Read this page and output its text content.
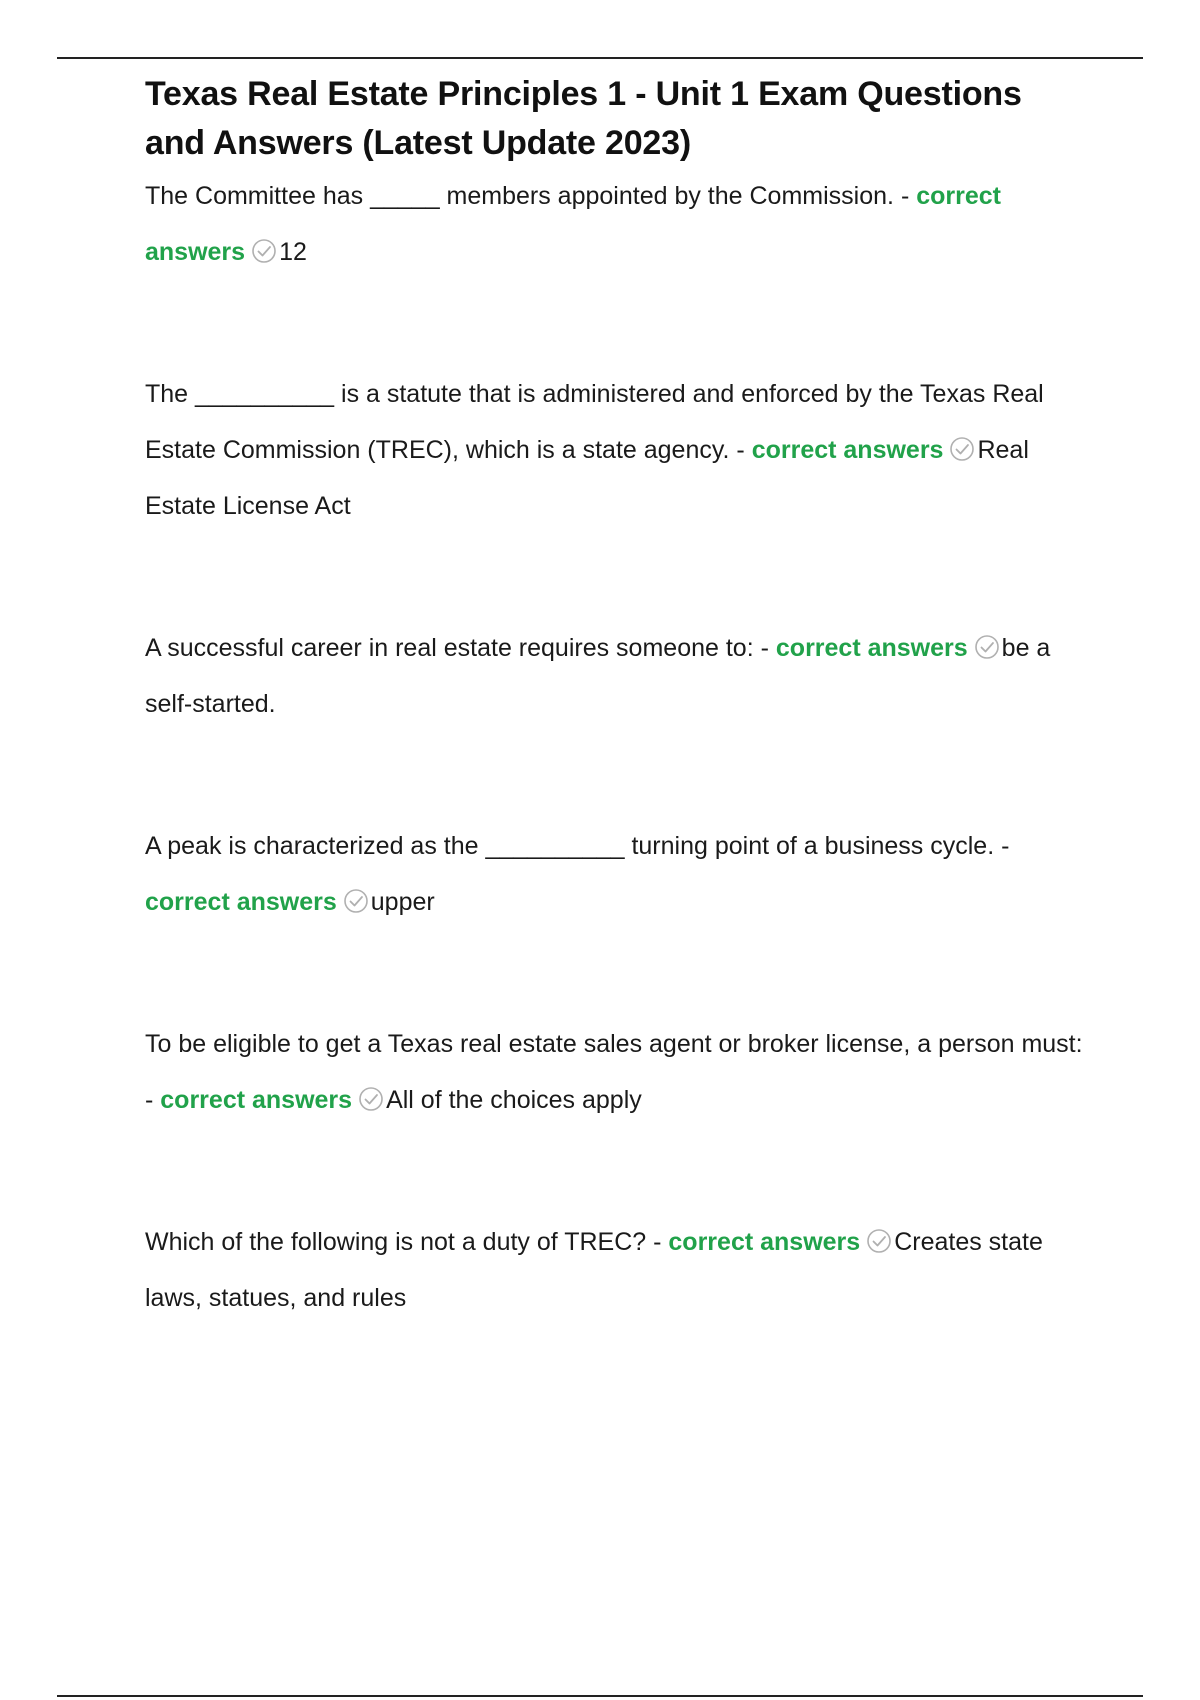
Texas Real Estate Principles 1 - Unit 1 Exam Questions and Answers (Latest Update 2023)

The Committee has _____ members appointed by the Commission. - correct answers 12

The __________ is a statute that is administered and enforced by the Texas Real Estate Commission (TREC), which is a state agency. - correct answers Real Estate License Act

A successful career in real estate requires someone to: - correct answers be a self-started.

A peak is characterized as the __________ turning point of a business cycle. - correct answers upper

To be eligible to get a Texas real estate sales agent or broker license, a person must: - correct answers All of the choices apply

Which of the following is not a duty of TREC? - correct answers Creates state laws, statues, and rules
